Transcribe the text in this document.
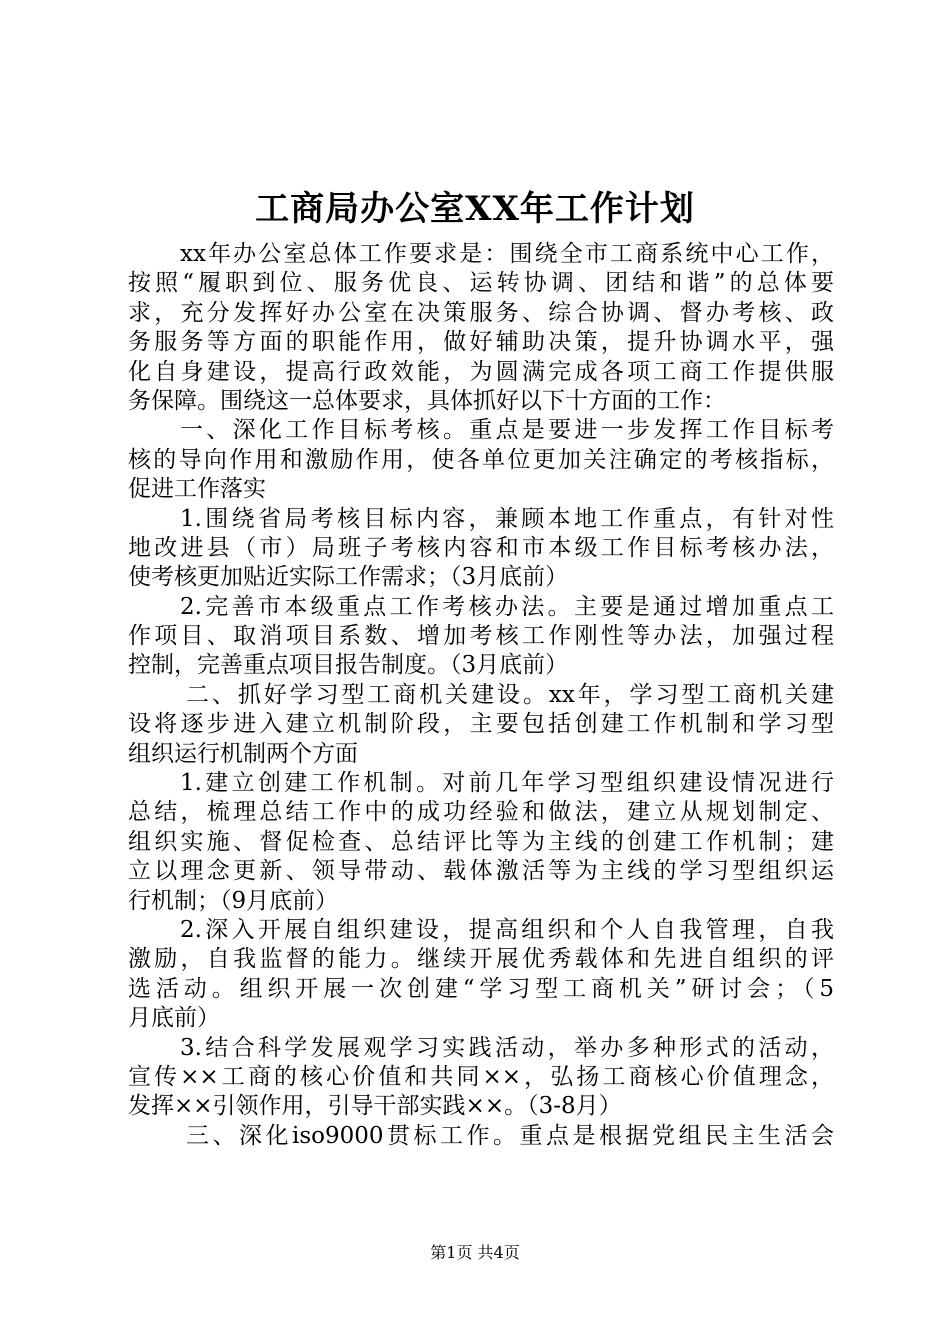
工商局办公室XX年工作计划
xx年办公室总体工作要求是：围绕全市工商系统中心工作，
按照“履职到位、服务优良、运转协调、团结和谐”的总体要
求，充分发挥好办公室在决策服务、综合协调、督办考核、政
务服务等方面的职能作用，做好辅助决策，提升协调水平，强
化自身建设，提高行政效能，为圆满完成各项工商工作提供服
务保障。围绕这一总体要求，具体抓好以下十方面的工作：
一、深化工作目标考核。重点是要进一步发挥工作目标考
核的导向作用和激励作用，使各单位更加关注确定的考核指标，
促进工作落实
1.围绕省局考核目标内容，兼顾本地工作重点，有针对性
地改进县（市）局班子考核内容和市本级工作目标考核办法，
使考核更加贴近实际工作需求；（3月底前）
2.完善市本级重点工作考核办法。主要是通过增加重点工
作项目、取消项目系数、增加考核工作刚性等办法，加强过程
控制，完善重点项目报告制度。（3月底前）
二、抓好学习型工商机关建设。xx年，学习型工商机关建
设将逐步进入建立机制阶段，主要包括创建工作机制和学习型
组织运行机制两个方面
1.建立创建工作机制。对前几年学习型组织建设情况进行
总结，梳理总结工作中的成功经验和做法，建立从规划制定、
组织实施、督促检查、总结评比等为主线的创建工作机制；建
立以理念更新、领导带动、载体激活等为主线的学习型组织运
行机制；（9月底前）
2.深入开展自组织建设，提高组织和个人自我管理，自我
激励，自我监督的能力。继续开展优秀载体和先进自组织的评
选活动。组织开展一次创建“学习型工商机关”研讨会；（5
月底前）
3.结合科学发展观学习实践活动，举办多种形式的活动，
宣传××工商的核心价值和共同××，弘扬工商核心价值理念，
发挥××引领作用，引导干部实践××。（3-8月）
三、深化iso9000贯标工作。重点是根据党组民主生活会
第1页 共4页
